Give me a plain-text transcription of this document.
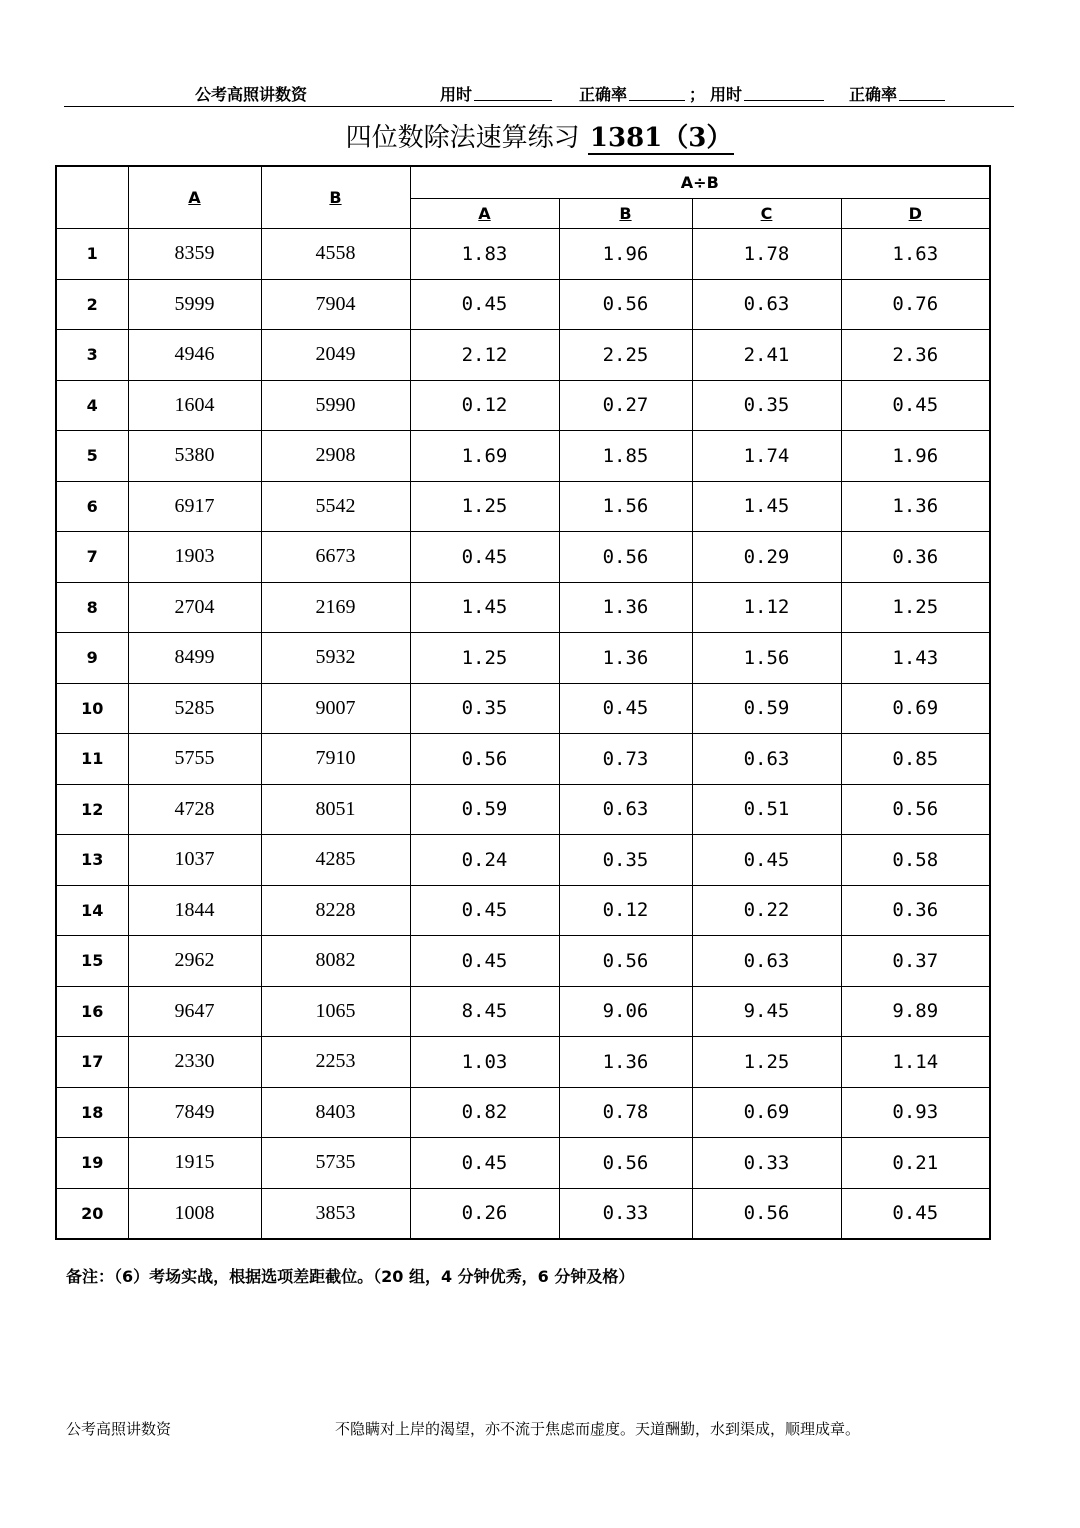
公考高照讲数资	用时	正确率	； 用时	正确率
四位数除法速算练习 1381（3）
	A	B	A÷B			
			A	B	C	D
1	8359	4558	1.83	1.96	1.78	1.63
2	5999	7904	0.45	0.56	0.63	0.76
3	4946	2049	2.12	2.25	2.41	2.36
4	1604	5990	0.12	0.27	0.35	0.45
5	5380	2908	1.69	1.85	1.74	1.96
6	6917	5542	1.25	1.56	1.45	1.36
7	1903	6673	0.45	0.56	0.29	0.36
8	2704	2169	1.45	1.36	1.12	1.25
9	8499	5932	1.25	1.36	1.56	1.43
10	5285	9007	0.35	0.45	0.59	0.69
11	5755	7910	0.56	0.73	0.63	0.85
12	4728	8051	0.59	0.63	0.51	0.56
13	1037	4285	0.24	0.35	0.45	0.58
14	1844	8228	0.45	0.12	0.22	0.36
15	2962	8082	0.45	0.56	0.63	0.37
16	9647	1065	8.45	9.06	9.45	9.89
17	2330	2253	1.03	1.36	1.25	1.14
18	7849	8403	0.82	0.78	0.69	0.93
19	1915	5735	0.45	0.56	0.33	0.21
20	1008	3853	0.26	0.33	0.56	0.45
备注：（6）考场实战，根据选项差距截位。（20 组，4 分钟优秀，6 分钟及格）
公考高照讲数资	不隐瞒对上岸的渴望，亦不流于焦虑而虚度。天道酬勤，水到渠成，顺理成章。
